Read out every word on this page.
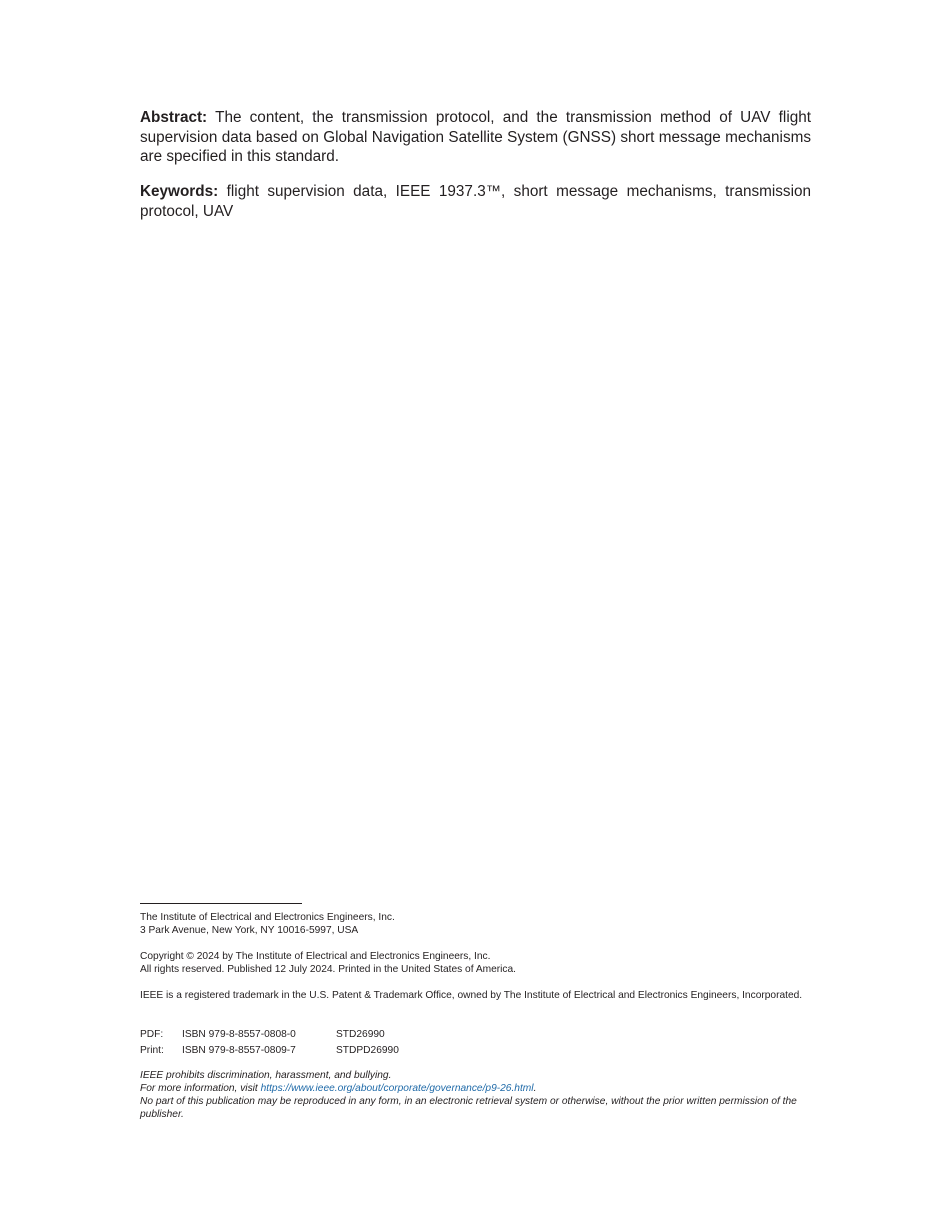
Abstract: The content, the transmission protocol, and the transmission method of UAV flight supervision data based on Global Navigation Satellite System (GNSS) short message mechanisms are specified in this standard.

Keywords: flight supervision data, IEEE 1937.3™, short message mechanisms, transmission protocol, UAV

The Institute of Electrical and Electronics Engineers, Inc.
3 Park Avenue, New York, NY 10016-5997, USA
Copyright © 2024 by The Institute of Electrical and Electronics Engineers, Inc.
All rights reserved. Published 12 July 2024. Printed in the United States of America.
IEEE is a registered trademark in the U.S. Patent & Trademark Office, owned by The Institute of Electrical and Electronics Engineers, Incorporated.
PDF:	ISBN 979-8-8557-0808-0	STD26990
Print:	ISBN 979-8-8557-0809-7	STDPD26990
IEEE prohibits discrimination, harassment, and bullying.
For more information, visit https://www.ieee.org/about/corporate/governance/p9-26.html.
No part of this publication may be reproduced in any form, in an electronic retrieval system or otherwise, without the prior written permission of the publisher.
